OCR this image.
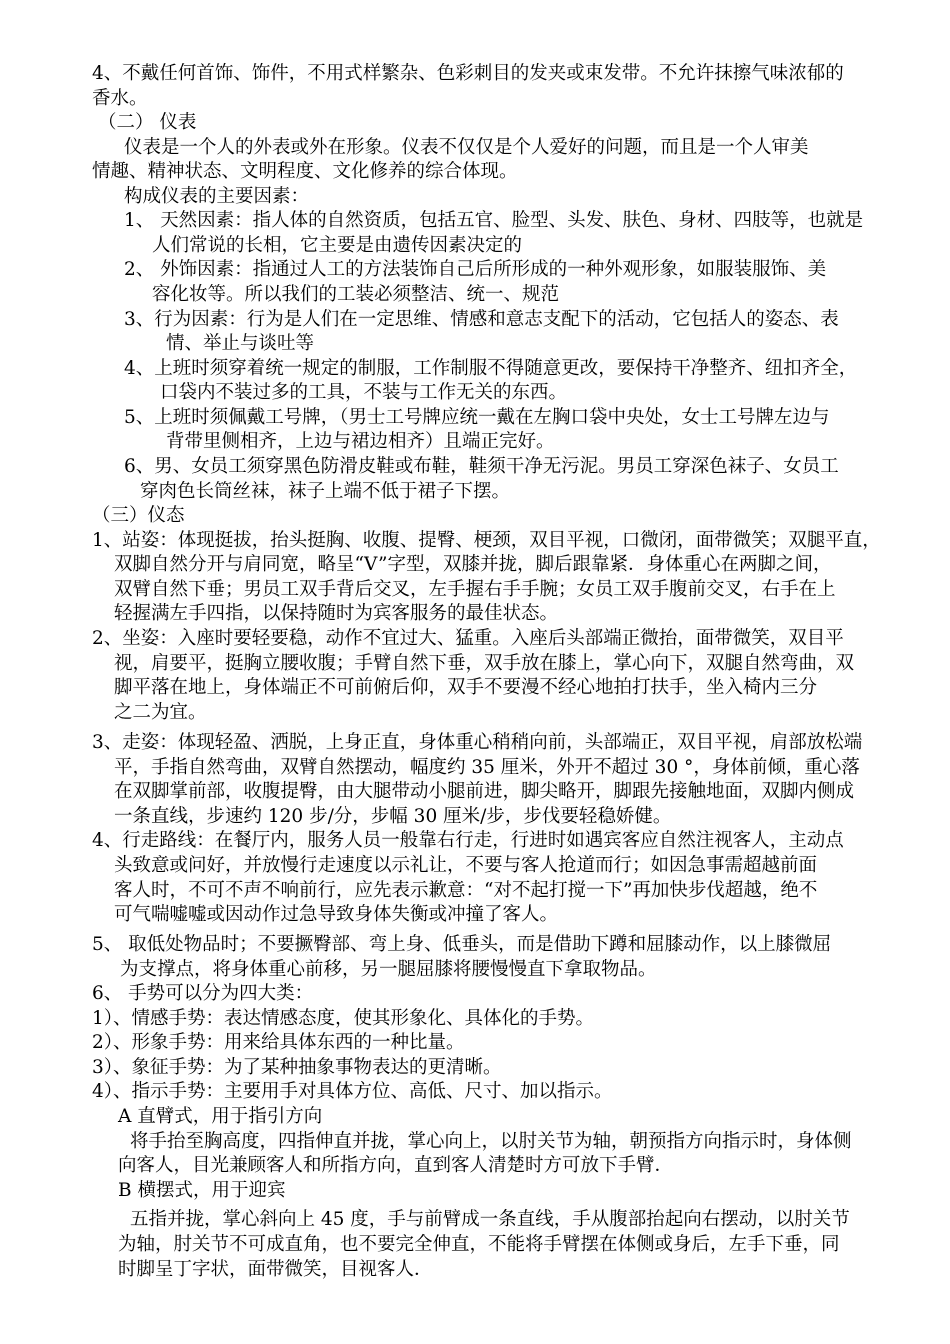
4、不戴任何首饰、饰件，不用式样繁杂、色彩刺目的发夹或束发带。不允许抹擦气味浓郁的
香水。
（二） 仪表
仪表是一个人的外表或外在形象。仪表不仅仅是个人爱好的问题，而且是一个人审美
情趣、精神状态、文明程度、文化修养的综合体现。
构成仪表的主要因素：
1、 天然因素：指人体的自然资质，包括五官、脸型、头发、肤色、身材、四肢等，也就是
人们常说的长相，它主要是由遗传因素决定的
2、 外饰因素：指通过人工的方法装饰自己后所形成的一种外观形象，如服装服饰、美
容化妆等。所以我们的工装必须整洁、统一、规范
3、行为因素：行为是人们在一定思维、情感和意志支配下的活动，它包括人的姿态、表
情、举止与谈吐等
4、上班时须穿着统一规定的制服，工作制服不得随意更改，要保持干净整齐、纽扣齐全，
口袋内不装过多的工具，不装与工作无关的东西。
5、上班时须佩戴工号牌，（男士工号牌应统一戴在左胸口袋中央处，女士工号牌左边与
背带里侧相齐，上边与裙边相齐）且端正完好。
6、男、女员工须穿黑色防滑皮鞋或布鞋，鞋须干净无污泥。男员工穿深色袜子、女员工
穿肉色长筒丝袜，袜子上端不低于裙子下摆。
（三）仪态
1、站姿：体现挺拔，抬头挺胸、收腹、提臀、梗颈，双目平视，口微闭，面带微笑；双腿平直，
双脚自然分开与肩同宽，略呈“V”字型，双膝并拢，脚后跟靠紧．身体重心在两脚之间，
双臂自然下垂；男员工双手背后交叉，左手握右手手腕；女员工双手腹前交叉，右手在上
轻握满左手四指，以保持随时为宾客服务的最佳状态。
2、坐姿：入座时要轻要稳，动作不宜过大、猛重。入座后头部端正微抬，面带微笑，双目平
视，肩要平，挺胸立腰收腹；手臂自然下垂，双手放在膝上，掌心向下，双腿自然弯曲，双
脚平落在地上，身体端正不可前俯后仰，双手不要漫不经心地拍打扶手，坐入椅内三分
之二为宜。
3、走姿：体现轻盈、洒脱，上身正直，身体重心稍稍向前，头部端正，双目平视，肩部放松端
平，手指自然弯曲，双臂自然摆动，幅度约 35 厘米，外开不超过 30 °，身体前倾，重心落
在双脚掌前部，收腹提臀，由大腿带动小腿前进，脚尖略开，脚跟先接触地面，双脚内侧成
一条直线，步速约 120 步/分，步幅 30 厘米/步，步伐要轻稳娇健。
4、行走路线：在餐厅内，服务人员一般靠右行走，行进时如遇宾客应自然注视客人，主动点
头致意或问好，并放慢行走速度以示礼让，不要与客人抢道而行；如因急事需超越前面
客人时，不可不声不响前行，应先表示歉意：“对不起打搅一下”再加快步伐超越，绝不
可气喘嘘嘘或因动作过急导致身体失衡或冲撞了客人。
5、 取低处物品时；不要撅臀部、弯上身、低垂头，而是借助下蹲和屈膝动作，以上膝微屈
为支撑点，将身体重心前移，另一腿屈膝将腰慢慢直下拿取物品。
6、 手势可以分为四大类：
1）、情感手势：表达情感态度，使其形象化、具体化的手势。
2）、形象手势：用来给具体东西的一种比量。
3）、象征手势：为了某种抽象事物表达的更清晰。
4）、指示手势：主要用手对具体方位、高低、尺寸、加以指示。
A 直臂式，用于指引方向
将手抬至胸高度，四指伸直并拢，掌心向上，以肘关节为轴，朝预指方向指示时，身体侧
向客人，目光兼顾客人和所指方向，直到客人清楚时方可放下手臂．
B 横摆式，用于迎宾
五指并拢，掌心斜向上 45 度，手与前臂成一条直线，手从腹部抬起向右摆动，以肘关节
为轴，肘关节不可成直角，也不要完全伸直，不能将手臂摆在体侧或身后，左手下垂，同
时脚呈丁字状，面带微笑，目视客人．
